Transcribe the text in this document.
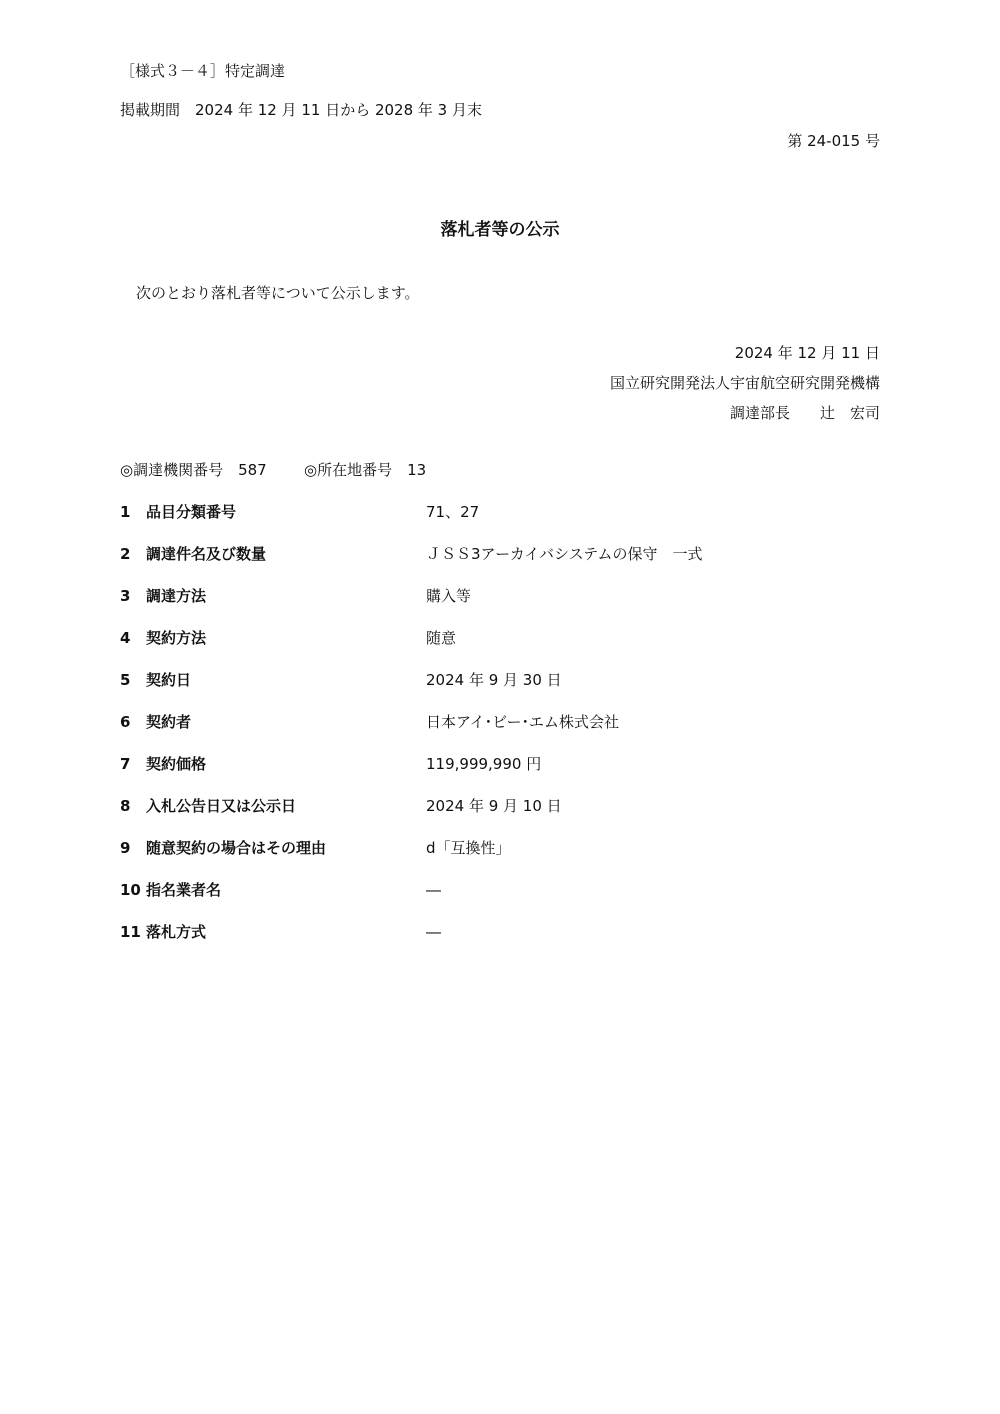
［様式３－４］特定調達
掲載期間　2024 年 12 月 11 日から 2028 年 3 月末
第 24-015 号
落札者等の公示
次のとおり落札者等について公示します。
2024 年 12 月 11 日
国立研究開発法人宇宙航空研究開発機構
調達部長　　辻　宏司
◎調達機関番号　587 ◎所在地番号　13
1	品目分類番号	71、27
2	調達件名及び数量	ＪＳＳ3アーカイバシステムの保守　一式
3	調達方法	購入等
4	契約方法	随意
5	契約日	2024 年 9 月 30 日
6	契約者	日本アイ･ビー･エム株式会社
7	契約価格	119,999,990 円
8	入札公告日又は公示日	2024 年 9 月 10 日
9	随意契約の場合はその理由	d「互換性」
10 指名業者名	―
11 落札方式	―
